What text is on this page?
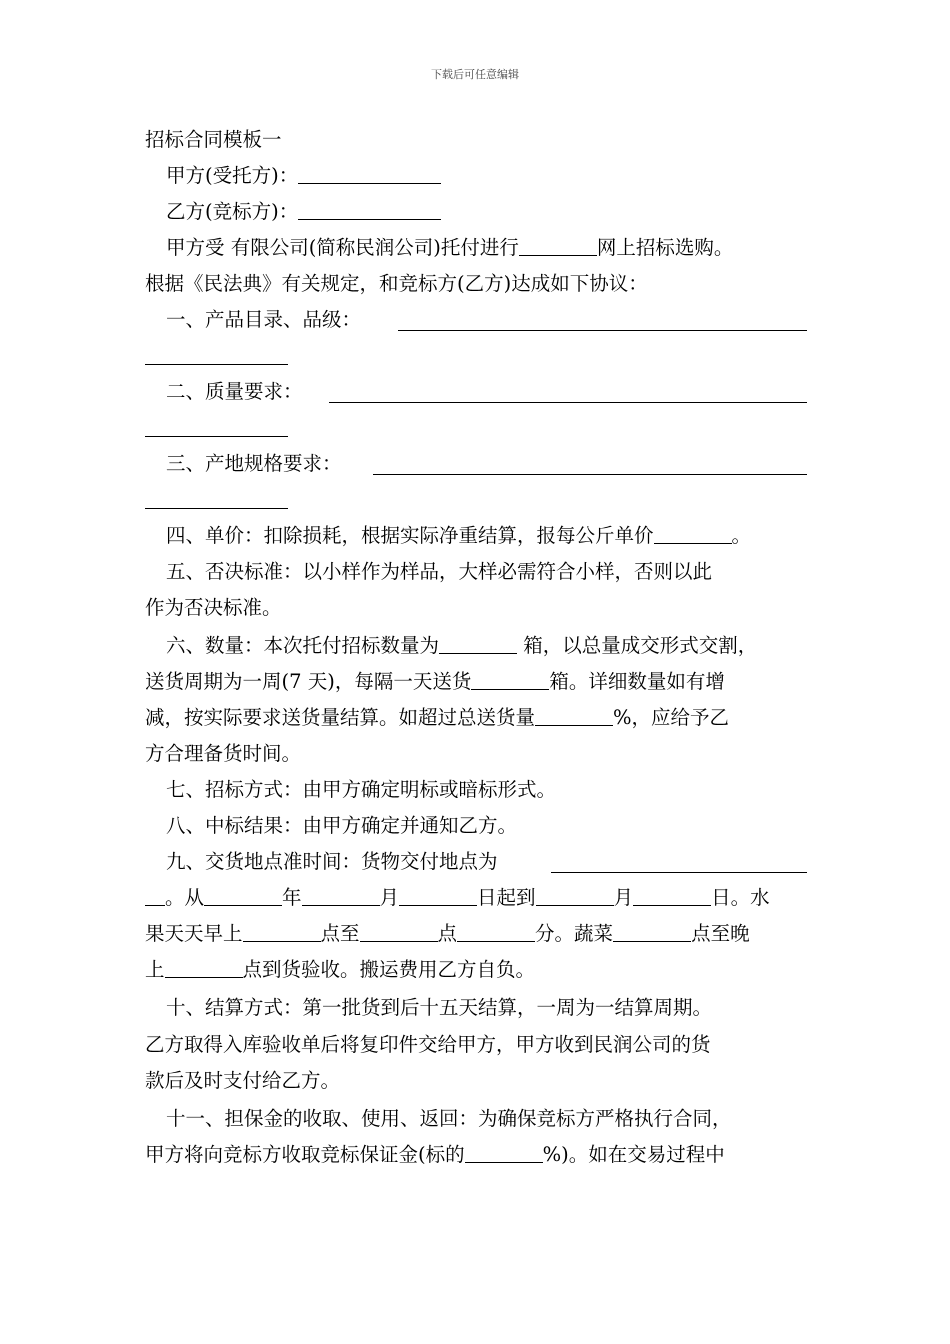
下载后可任意编辑
招标合同模板一
甲方(受托方)：
乙方(竞标方)：
甲方受 有限公司(简称民润公司)托付进行	网上招标选购。
根据《民法典》有关规定，和竞标方(乙方)达成如下协议：
一、产品目录、品级：
二、质量要求：
三、产地规格要求：
四、单价：扣除损耗，根据实际净重结算，报每公斤单价	。
五、否决标准：以小样作为样品，大样必需符合小样，否则以此
作为否决标准。
六、数量：本次托付招标数量为	箱，以总量成交形式交割，
送货周期为一周(7 天)，每隔一天送货	箱。详细数量如有增
减，按实际要求送货量结算。如超过总送货量	%，应给予乙
方合理备货时间。
七、招标方式：由甲方确定明标或暗标形式。
八、中标结果：由甲方确定并通知乙方。
九、交货地点准时间：货物交付地点为
。从	年	月	日起到	月	日。水
果天天早上	点至	点	分。蔬菜	点至晚
上	点到货验收。搬运费用乙方自负。
十、结算方式：第一批货到后十五天结算，一周为一结算周期。
乙方取得入库验收单后将复印件交给甲方，甲方收到民润公司的货
款后及时支付给乙方。
十一、担保金的收取、使用、返回：为确保竞标方严格执行合同，
甲方将向竞标方收取竞标保证金(标的	%)。如在交易过程中
